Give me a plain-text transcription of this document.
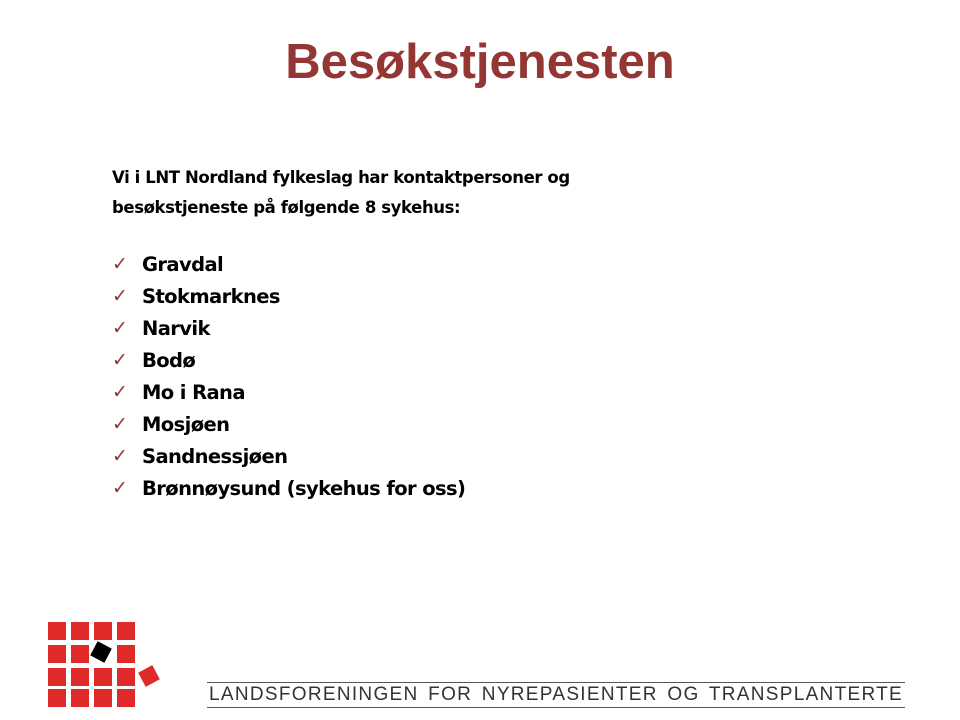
Besøkstjenesten
Vi i LNT Nordland fylkeslag har kontaktpersoner og
besøkstjeneste på følgende 8 sykehus:
✓ Gravdal
✓ Stokmarknes
✓ Narvik
✓ Bodø
✓ Mo i Rana
✓ Mosjøen
✓ Sandnessjøen
✓ Brønnøysund (sykehus for oss)
LANDSFORENINGEN FOR NYREPASIENTER OG TRANSPLANTERTE
